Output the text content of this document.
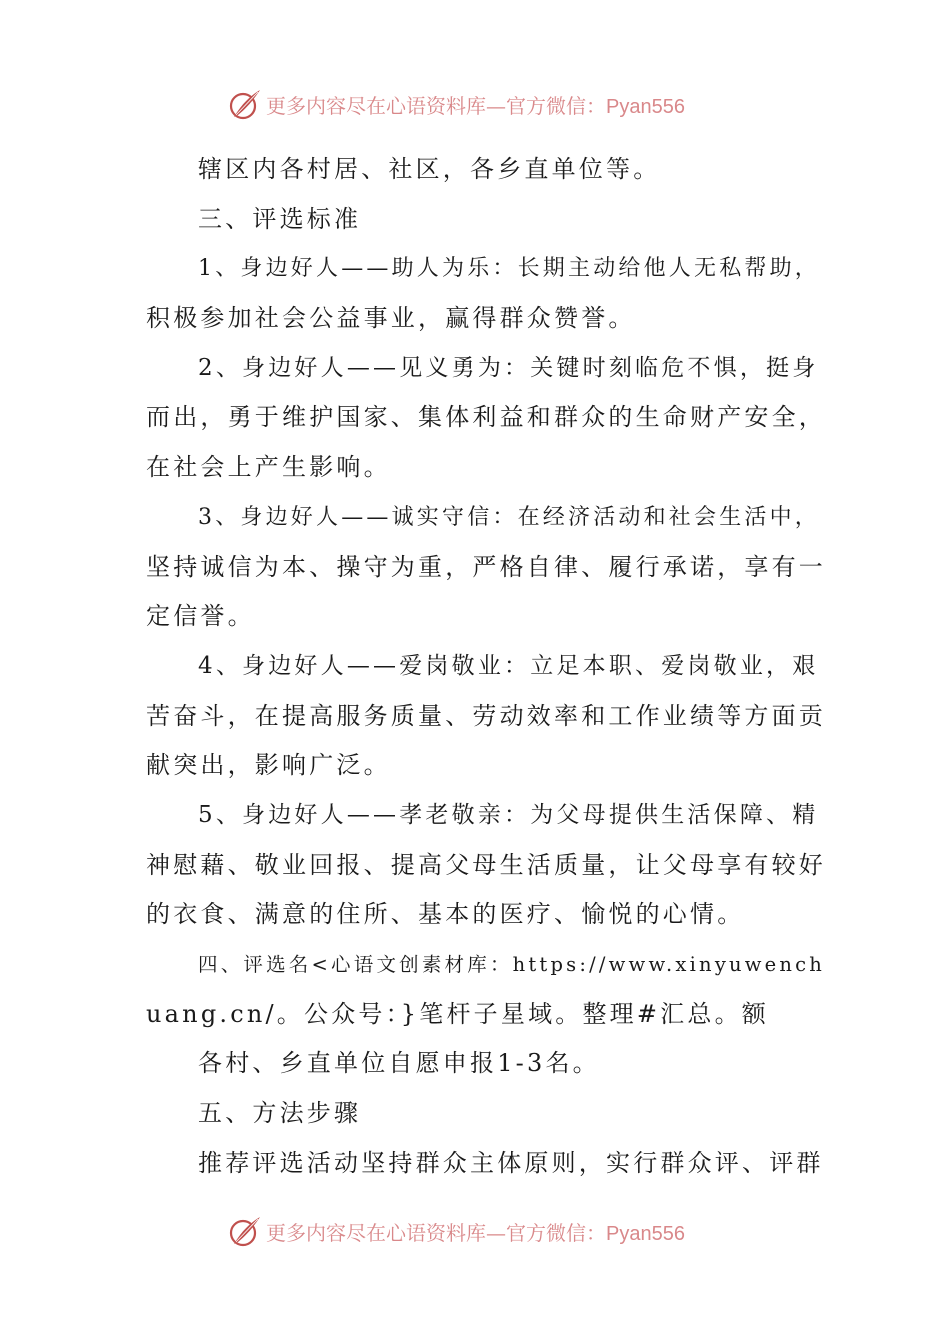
更多内容尽在心语资料库—官方微信：Pyan556
辖区内各村居、社区，各乡直单位等。
三、评选标准
1、身边好人——助人为乐：长期主动给他人无私帮助，
积极参加社会公益事业，赢得群众赞誉。
2、身边好人——见义勇为：关键时刻临危不惧，挺身
而出，勇于维护国家、集体利益和群众的生命财产安全，
在社会上产生影响。
3、身边好人——诚实守信：在经济活动和社会生活中，
坚持诚信为本、操守为重，严格自律、履行承诺，享有一
定信誉。
4、身边好人——爱岗敬业：立足本职、爱岗敬业，艰
苦奋斗，在提高服务质量、劳动效率和工作业绩等方面贡
献突出，影响广泛。
5、身边好人——孝老敬亲：为父母提供生活保障、精
神慰藉、敬业回报、提高父母生活质量，让父母享有较好
的衣食、满意的住所、基本的医疗、愉悦的心情。
四、评选名<心语文创素材库：https://www.xinyuwench
uang.cn/。公众号：}笔杆子星域。整理#汇总。额
各村、乡直单位自愿申报1-3名。
五、方法步骤
推荐评选活动坚持群众主体原则，实行群众评、评群
更多内容尽在心语资料库—官方微信：Pyan556
